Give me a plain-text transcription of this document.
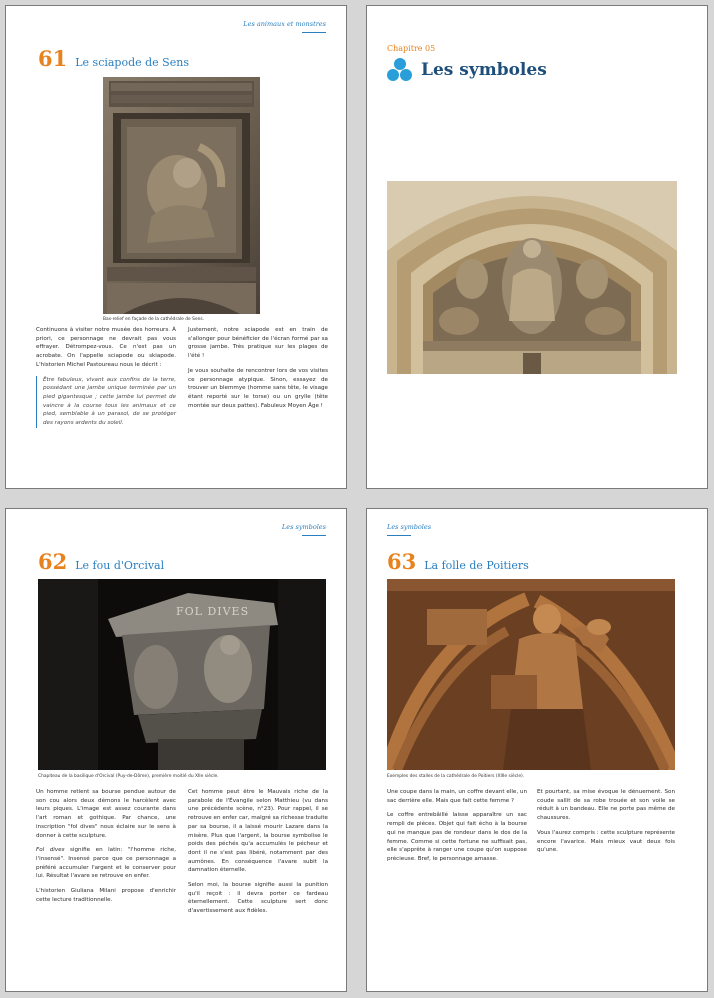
Les animaux et monstres
61 Le sciapode de Sens
Bas-relief en façade de la cathédrale de Sens.

Continuons à visiter notre musée des horreurs. À priori, ce personnage ne devrait pas vous effrayer. Détrompez-vous. Ce n'est pas un acrobate. On l'appelle sciapode ou skiapode. L'historien Michel Pastoureau nous le décrit :

Être fabuleux, vivant aux confins de la terre, possédant une jambe unique terminée par un pied gigantesque ; cette jambe lui permet de vaincre à la course tous les animaux et ce pied, semblable à un parasol, de se protéger des rayons ardents du soleil.

Justement, notre sciapode est en train de s'allonger pour bénéficier de l'écran formé par sa grosse jambe. Très pratique sur les plages de l'été !

Je vous souhaite de rencontrer lors de vos visites ce personnage atypique. Sinon, essayez de trouver un blemmye (homme sans tête, le visage étant reporté sur le torse) ou un grylle (tête montée sur deux pattes). Fabuleux Moyen Âge !

Chapitre 05
Les symboles
Les symboles
62 Le fou d'Orcival
FOL DIVES
Chapiteau de la basilique d'Orcival (Puy-de-Dôme), première moitié du XIIe siècle.

Un homme retient sa bourse pendue autour de son cou alors deux démons le harcèlent avec leurs piques. L'image est assez courante dans l'art roman et gothique. Par chance, une inscription "fol dives" nous éclaire sur le sens à donner à cette sculpture.

Fol dives signifie en latin: "l'homme riche, l'insensé". Insensé parce que ce personnage a préféré accumuler l'argent et le conserver pour lui. Résultat l'avare se retrouve en enfer.

L'historien Giuliana Milani propose d'enrichir cette lecture traditionnelle.

Cet homme peut être le Mauvais riche de la parabole de l'Évangile selon Matthieu (vu dans une précédente scène, n°23). Pour rappel, il se retrouve en enfer car, malgré sa richesse traduite par sa bourse, il a laissé mourir Lazare dans la misère. Plus que l'argent, la bourse symbolise le poids des péchés qu'a accumulés le pécheur et dont il ne s'est pas libéré, notamment par des aumônes. En conséquence l'avare subit la damnation éternelle.

Selon moi, la bourse signifie aussi la punition qu'il reçoit : il devra porter ce fardeau éternellement. Cette sculpture sert donc d'avertissement aux fidèles.

Les symboles
63 La folle de Poitiers
Exemples des stalles de la cathédrale de Poitiers (XIIIe siècle).

Une coupe dans la main, un coffre devant elle, un sac derrière elle. Mais que fait cette femme ?

Le coffre entrebâillé laisse apparaître un sac rempli de pièces. Objet qui fait écho à la bourse qui ne manque pas de rondeur dans le dos de la femme. Comme si cette fortune ne suffisait pas, elle s'apprête à ranger une coupe qu'on suppose précieuse. Bref, le personnage amasse.

Et pourtant, sa mise évoque le dénuement. Son coude sallit de sa robe trouée et son voile se réduit à un bandeau. Elle ne porte pas même de chaussures.

Vous l'aurez compris : cette sculpture représente encore l'avarice. Mais mieux vaut deux fois qu'une.
